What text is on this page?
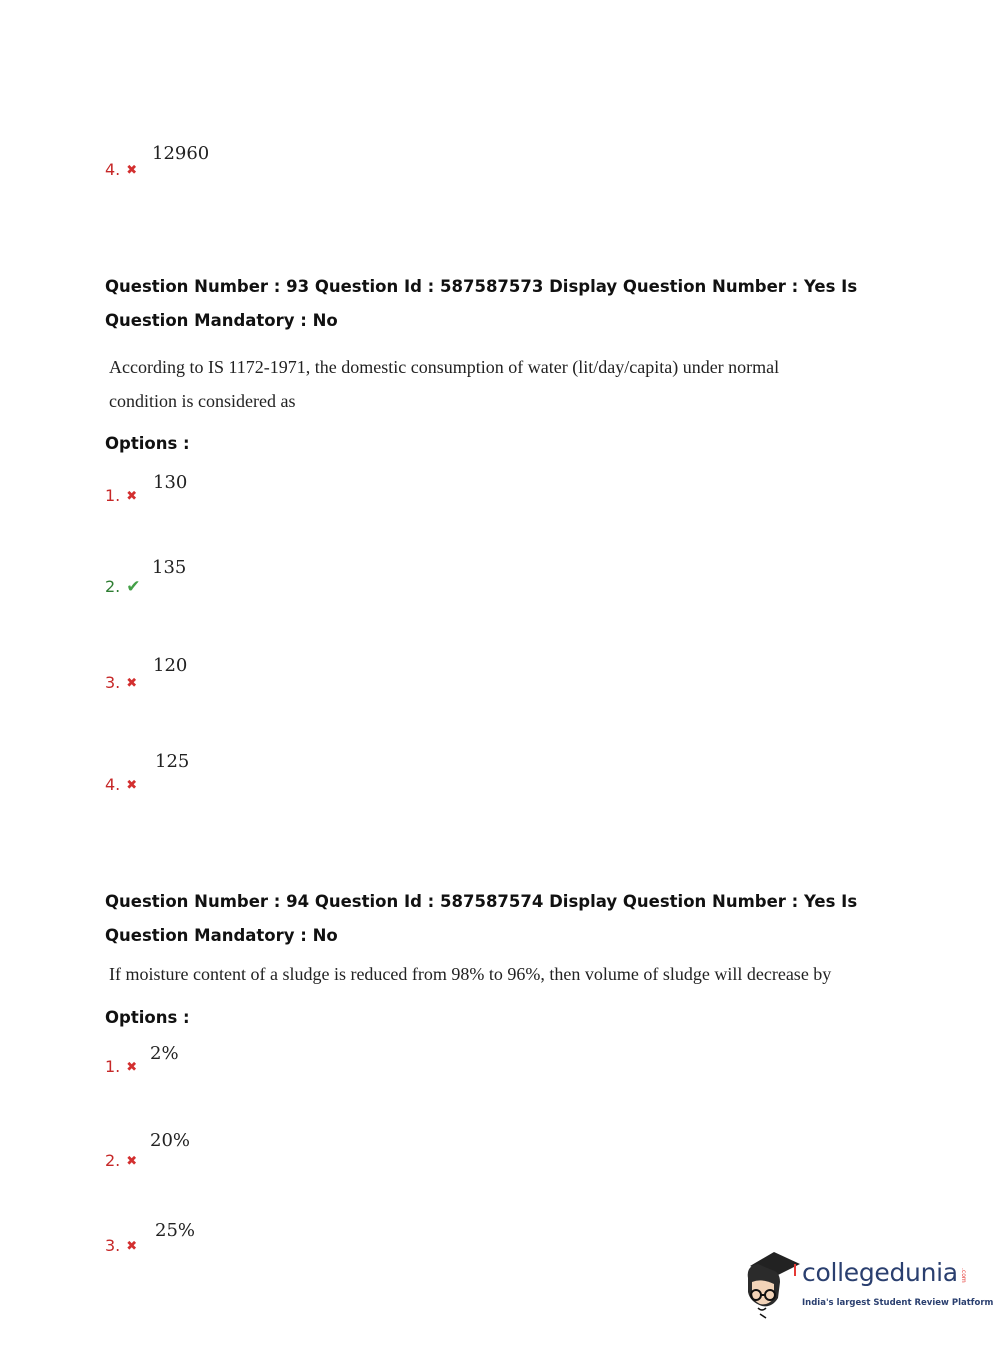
4. ✖
12960
Question Number : 93 Question Id : 587587573 Display Question Number : Yes Is Question Mandatory : No
According to IS 1172-1971, the domestic consumption of water (lit/day/capita) under normal
condition is considered as
Options :
1. ✖
130
2. ✔
135
3. ✖
120
4. ✖
125
Question Number : 94 Question Id : 587587574 Display Question Number : Yes Is Question Mandatory : No
If moisture content of a sludge is reduced from 98% to 96%, then volume of sludge will decrease by
Options :
1. ✖
2%
2. ✖
20%
3. ✖
25%
collegedunia .com
India's largest Student Review Platform
